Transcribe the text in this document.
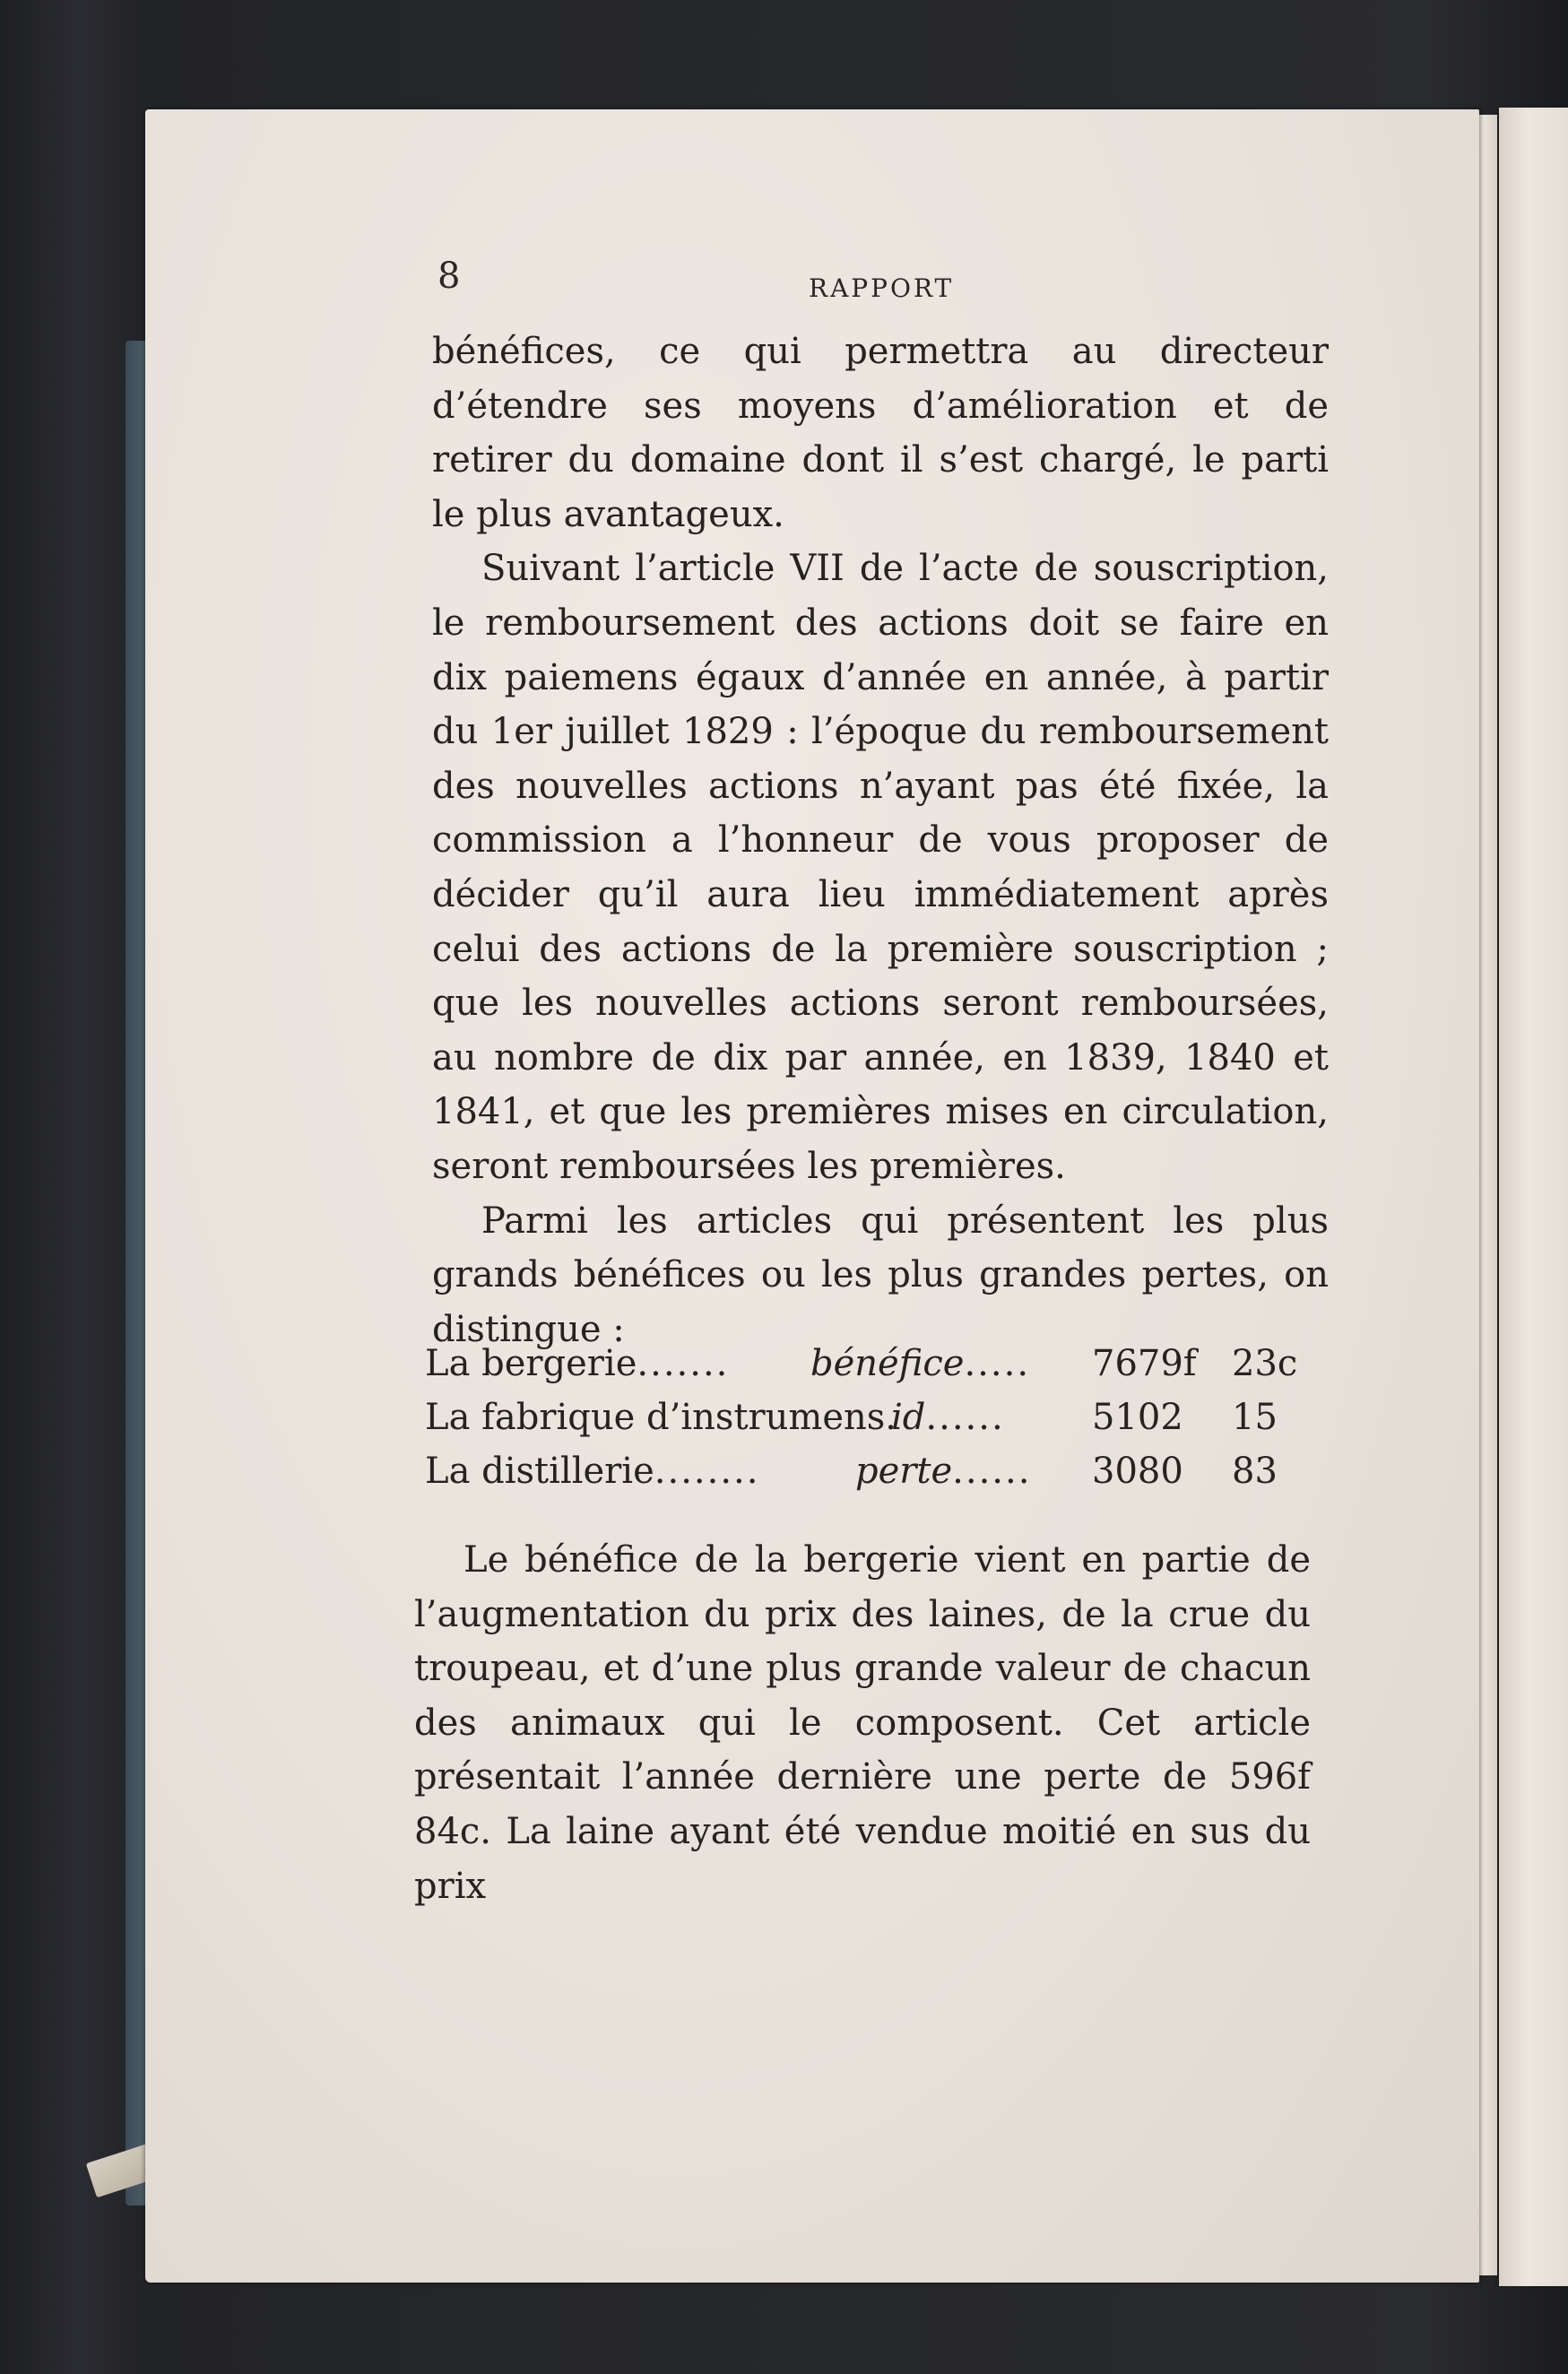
8	RAPPORT

bénéfices, ce qui permettra au directeur d’étendre ses moyens d’amélioration et de retirer du domaine dont il s’est chargé, le parti le plus avantageux.

Suivant l’article VII de l’acte de souscription, le remboursement des actions doit se faire en dix paiemens égaux d’année en année, à partir du 1er juillet 1829 : l’époque du remboursement des nouvelles actions n’ayant pas été fixée, la commission a l’honneur de vous proposer de décider qu’il aura lieu immédiatement après celui des actions de la première souscription ; que les nouvelles actions seront remboursées, au nombre de dix par année, en 1839, 1840 et 1841, et que les premières mises en circulation, seront remboursées les premières.

Parmi les articles qui présentent les plus grands bénéfices ou les plus grandes pertes, on distingue :

La bergerie....... bénéfice..... 7679f 23c
La fabrique d’instrumens.
id...... 5102 15
La distillerie........	perte...... 3080 83

Le bénéfice de la bergerie vient en partie de l’augmentation du prix des laines, de la crue du troupeau, et d’une plus grande valeur de chacun des animaux qui le composent. Cet article présentait l’année dernière une perte de 596f 84c. La laine ayant été vendue moitié en sus du prix
